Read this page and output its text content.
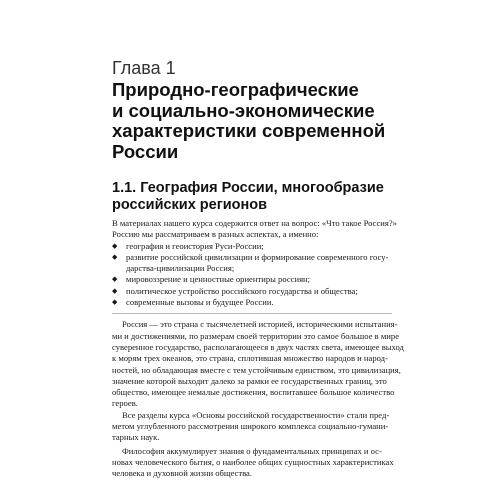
Глава 1
Природно-географические
и социально-экономические
характеристики современной
России
1.1. География России, многообразие
российских регионов
В материалах нашего курса содержится ответ на вопрос: «Что такое Россия?»
Россию мы рассматриваем в разных аспектах, а именно:
◆ география и геоистория Руси-России;
◆ развитие российской цивилизации и формирование современного госу-
дарства-цивилизации Россия;
◆ мировоззрение и ценностные ориентиры россиян;
◆ политическое устройство российского государства и общества;
◆ современные вызовы и будущее России.
Россия — это страна с тысячелетней историей, историческими испытания-
ми и достижениями, по размерам своей территории это самое большое в мире
суверенное государство, располагающееся в двух частях света, имеющее выход
к морям трех океанов, это страна, сплотившая множество народов и народ-
ностей, но обладающая вместе с тем устойчивым единством, это цивилизация,
значение которой выходит далеко за рамки ее государственных границ, это
общество, имеющее немалые достижения, воспитавшее большое количество
героев.
Все разделы курса «Основы российской государственности» стали пред-
метом углубленного рассмотрения широкого комплекса социально-гумани-
тарных наук.
Философия аккумулирует знания о фундаментальных принципах и ос-
новах человеческого бытия, о наиболее общих сущностных характеристиках
человека и духовной жизни общества.
